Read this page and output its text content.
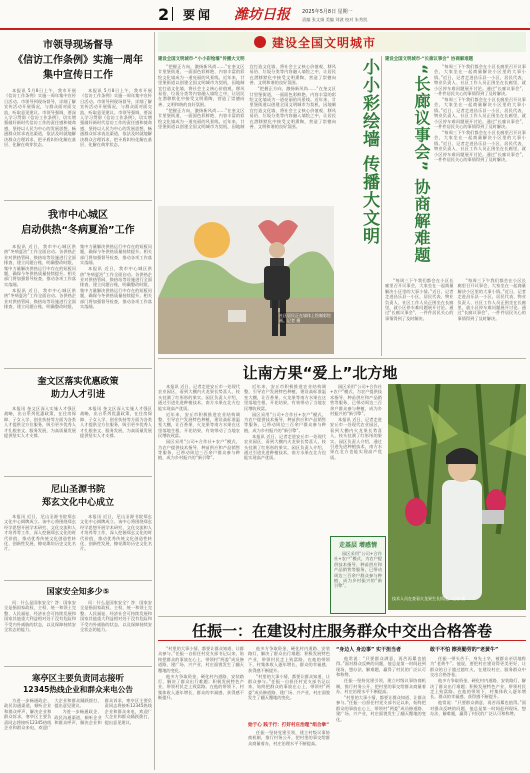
2 要闻 潍坊日报 2025年5月8日 星期一
责编 张文娟 美编 刘波 校对 朱秀凯
市领导现场督导
《信访工作条例》实施一周年
集中宣传日工作

本报讯 5月8日上午，我市开展《信访工作条例》实施一周年集中宣传日活动。市领导到现场督导，详细了解宣传活动开展情况，与群众面对面交流，听取意见建议。市领导强调，要深入学习贯彻《信访工作条例》，切实增强做好新时代信访工作的责任感和使命感，坚持以人民为中心的发展思想，畅通群众诉求表达渠道，依法及时就地解决群众合理诉求，把矛盾纠纷化解在基层、化解在萌芽状态。

本报讯 5月8日上午，我市开展《信访工作条例》实施一周年集中宣传日活动。市领导到现场督导，详细了解宣传活动开展情况，与群众面对面交流，听取意见建议。市领导强调，要深入学习贯彻《信访工作条例》，切实增强做好新时代信访工作的责任感和使命感，坚持以人民为中心的发展思想，畅通群众诉求表达渠道，依法及时就地解决群众合理诉求，把矛盾纠纷化解在基层、化解在萌芽状态。

我市中心城区
启动供热“冬病夏治”工作

本报讯 近日，我市中心城区供热“冬病夏治”工作全面启动。各供热企业对供热管网、换热站等设施进行全面排查，建立问题台账，明确整改时限，集中力量解决供热运行中存在的短板问题，确保今冬供热质量持续提升。相关部门将加强督导检查，推动各项工作落实落细。

本报讯 近日，我市中心城区供热“冬病夏治”工作全面启动。各供热企业对供热管网、换热站等设施进行全面排查，建立问题台账，明确整改时限，集中力量解决供热运行中存在的短板问题，确保今冬供热质量持续提升。相关部门将加强督导检查，推动各项工作落实落细。

本报讯 近日，我市中心城区供热“冬病夏治”工作全面启动。各供热企业对供热管网、换热站等设施进行全面排查，建立问题台账，明确整改时限，集中力量解决供热运行中存在的短板问题，确保今冬供热质量持续提升。相关部门将加强督导检查，推动各项工作落实落细。

奎文区落实优惠政策
助力人才引进

本报讯 奎文区深入实施人才强区战略，出台系列优惠政策，在住房保障、子女入学、创业扶持等方面为各类人才提供全方位服务，吸引更多优秀人才扎根奎文、服务发展，为高质量发展提供坚实人才支撑。

本报讯 奎文区深入实施人才强区战略，出台系列优惠政策，在住房保障、子女入学、创业扶持等方面为各类人才提供全方位服务，吸引更多优秀人才扎根奎文、服务发展，为高质量发展提供坚实人才支撑。

尼山圣源书院
郑玄文化中心成立

本报讯 近日，尼山圣源书院郑玄文化中心揭牌成立。该中心将围绕郑玄经学思想开展学术研究、文化交流和人才培养等工作，深入挖掘郑玄文化的时代价值，推动优秀传统文化创造性转化、创新性发展，擦亮潍坊历史文化名片。

本报讯 近日，尼山圣源书院郑玄文化中心揭牌成立。该中心将围绕郑玄经学思想开展学术研究、文化交流和人才培养等工作，深入挖掘郑玄文化的时代价值，推动优秀传统文化创造性转化、创新性发展，擦亮潍坊历史文化名片。

国家安全知多少⑤

问：什么是国家安全？答：国家安全是指国家政权、主权、统一和领土完整、人民福祉、经济社会可持续发展和国家其他重大利益相对处于没有危险和不受内外威胁的状态，以及保障持续安全状态的能力。

问：什么是国家安全？答：国家安全是指国家政权、主权、统一和领土完整、人民福祉、经济社会可持续发展和国家其他重大利益相对处于没有危险和不受内外威胁的状态，以及保障持续安全状态的能力。

寒亭区主要负责同志接听
12345热线企业和群众来电公告

为进一步畅通政企、政民沟通渠道，倾听企业和群众呼声，解决企业和群众诉求，寒亭区主要负责同志将接听12345热线企业和群众来电，欢迎广大企业和群众踊跃拨打，提出意见建议。

为进一步畅通政企、政民沟通渠道，倾听企业和群众呼声，解决企业和群众诉求，寒亭区主要负责同志将接听12345热线企业和群众来电，欢迎广大企业和群众踊跃拨打，提出意见建议。

建设全国文明城市
建设全国文明城市·“小小彩绘墙”传播大文明

“把握正方向，激扬新风尚……”在奎文区廿里堡街道，一面面色彩鲜艳、内容丰富的彩绘文化墙成为一道亮丽的风景线。近年来，廿里堡街道以创建全国文明城市为契机，因地制宜打造文化墙，将社会主义核心价值观、移风易俗、垃圾分类等内容融入墙绘之中，让居民在潜移默化中接受文明熏陶，营造了崇德向善、文明和谐的良好氛围。

“把握正方向，激扬新风尚……”在奎文区廿里堡街道，一面面色彩鲜艳、内容丰富的彩绘文化墙成为一道亮丽的风景线。近年来，廿里堡街道以创建全国文明城市为契机，因地制宜打造文化墙，将社会主义核心价值观、移风易俗、垃圾分类等内容融入墙绘之中，让居民在潜移默化中接受文明熏陶，营造了崇德向善、文明和谐的良好氛围。

“把握正方向，激扬新风尚……”在奎文区廿里堡街道，一面面色彩鲜艳、内容丰富的彩绘文化墙成为一道亮丽的风景线。近年来，廿里堡街道以创建全国文明城市为契机，因地制宜打造文化墙，将社会主义核心价值观、移风易俗、垃圾分类等内容融入墙绘之中，让居民在潜移默化中接受文明熏陶，营造了崇德向善、文明和谐的良好氛围。	小小彩绘墙 传播大文明
社区居民正在墙体上绘制彩绘画。记者 摄
建设全国文明城市·“长廊议事会” 协商解难题
“长廊议事会” 协商解难题

“每周三下午我们都会在小区长廊里召开议事会，大家坐在一起商量解决小区里的大事小情。”近日，记者走进昌乐县一小区，居民代表、物业负责人、社区工作人员正围坐在长廊里，就小区停车难问题展开讨论。通过“长廊议事会”，一件件居民关心的事情得到了及时解决。

“每周三下午我们都会在小区长廊里召开议事会，大家坐在一起商量解决小区里的大事小情。”近日，记者走进昌乐县一小区，居民代表、物业负责人、社区工作人员正围坐在长廊里，就小区停车难问题展开讨论。通过“长廊议事会”，一件件居民关心的事情得到了及时解决。

“每周三下午我们都会在小区长廊里召开议事会，大家坐在一起商量解决小区里的大事小情。”近日，记者走进昌乐县一小区，居民代表、物业负责人、社区工作人员正围坐在长廊里，就小区停车难问题展开讨论。通过“长廊议事会”，一件件居民关心的事情得到了及时解决。

“每周三下午我们都会在小区长廊里召开议事会，大家坐在一起商量解决小区里的大事小情。”近日，记者走进昌乐县一小区，居民代表、物业负责人、社区工作人员正围坐在长廊里，就小区停车难问题展开讨论。通过“长廊议事会”，一件件居民关心的事情得到了及时解决。

“每周三下午我们都会在小区长廊里召开议事会，大家坐在一起商量解决小区里的大事小情。”近日，记者走进昌乐县一小区，居民代表、物业负责人、社区工作人员正围坐在长廊里，就小区停车难问题展开讨论。通过“长廊议事会”，一件件居民关心的事情得到了及时解决。

让南方果“爱上”北方地

本报讯 近日，记者走进安丘市一处现代农业园区，看到大棚内火龙果长势喜人，枝头挂满了红彤彤的果实。园区负责人介绍，通过引进先进种植技术，南方水果在北方也能实现高产优质。

近年来，安丘市积极推进农业结构调整，引导农户发展特色种植，建设高标准温室大棚，让百香果、火龙果等南方水果在这里落地生根、开花结果，有效带动了当地农民增收致富。

园区采用“公司+合作社+农户”模式，为农户提供技术指导、种苗供应和产品销售等服务，已带动周边三百余户群众参与种植，成为乡村振兴的“新引擎”。

近年来，安丘市积极推进农业结构调整，引导农户发展特色种植，建设高标准温室大棚，让百香果、火龙果等南方水果在这里落地生根、开花结果，有效带动了当地农民增收致富。

园区采用“公司+合作社+农户”模式，为农户提供技术指导、种苗供应和产品销售等服务，已带动周边三百余户群众参与种植，成为乡村振兴的“新引擎”。

本报讯 近日，记者走进安丘市一处现代农业园区，看到大棚内火龙果长势喜人，枝头挂满了红彤彤的果实。园区负责人介绍，通过引进先进种植技术，南方水果在北方也能实现高产优质。

园区采用“公司+合作社+农户”模式，为农户提供技术指导、种苗供应和产品销售等服务，已带动周边三百余户群众参与种植，成为乡村振兴的“新引擎”。

本报讯 近日，记者走进安丘市一处现代农业园区，看到大棚内火龙果长势喜人，枝头挂满了红彤彤的果实。园区负责人介绍，通过引进先进种植技术，南方水果在北方也能实现高产优质。

走基层 增感情

园区采用“公司+合作社+农户”模式，为农户提供技术指导、种苗供应和产品销售等服务，已带动周边三百余户群众参与种植，成为乡村振兴的“新引擎”。

技术人员在查看火龙果生长情况。记者 摄
任振一：在建设村庄服务群众中交出合格答卷

“村里的大事小情，都要让群众知道、让群众参与。”任振一自担任村党支部书记以来，始终把群众的事放在心上，带领村“两委”成员修道路、建广场、兴产业，村庄面貌发生了翻天覆地的变化。

他多方争取资金，硬化村内道路、安装路灯，解决了群众出行难题；积极发展特色产业，带领村民走上致富路。在他的带领下，村集体收入逐年增长，群众的幸福感、获得感不断提升。

他多方争取资金，硬化村内道路、安装路灯，解决了群众出行难题；积极发展特色产业，带领村民走上致富路。在他的带领下，村集体收入逐年增长，群众的幸福感、获得感不断提升。

“村里的大事小情，都要让群众知道、让群众参与。”任振一自担任村党支部书记以来，始终把群众的事放在心上，带领村“两委”成员修道路、建广场、兴产业，村庄面貌发生了翻天覆地的变化。

始于心 践于行：打好村庄治理“组合拳”

任振一坚持党建引领，建立村级议事协商机制，推行村务公开，把村里的事交给群众商量着办，村庄治理水平不断提高。

“身边人 身边事” 实干担当者

他常说：“只要群众满意，再苦再累也值得。”面对群众反映的问题，他总是第一时间赶到现场，想办法、解难题，赢得了村民的广泛认可和称赞。

任振一坚持党建引领，建立村级议事协商机制，推行村务公开，把村里的事交给群众商量着办，村庄治理水平不断提高。

“村里的大事小情，都要让群众知道、让群众参与。”任振一自担任村党支部书记以来，始终把群众的事放在心上，带领村“两委”成员修道路、建广场、兴产业，村庄面貌发生了翻天覆地的变化。

敢干不怕 擦亮勤劳的“老黄牛”

任振一带头苦干、身先士卒，被群众亲切地称为“老黄牛”。他说，要把村庄建设得更美更好，让群众的日子越过越红火，在建设村庄、服务群众中交出合格答卷。

他多方争取资金，硬化村内道路、安装路灯，解决了群众出行难题；积极发展特色产业，带领村民走上致富路。在他的带领下，村集体收入逐年增长，群众的幸福感、获得感不断提升。

他常说：“只要群众满意，再苦再累也值得。”面对群众反映的问题，他总是第一时间赶到现场，想办法、解难题，赢得了村民的广泛认可和称赞。
